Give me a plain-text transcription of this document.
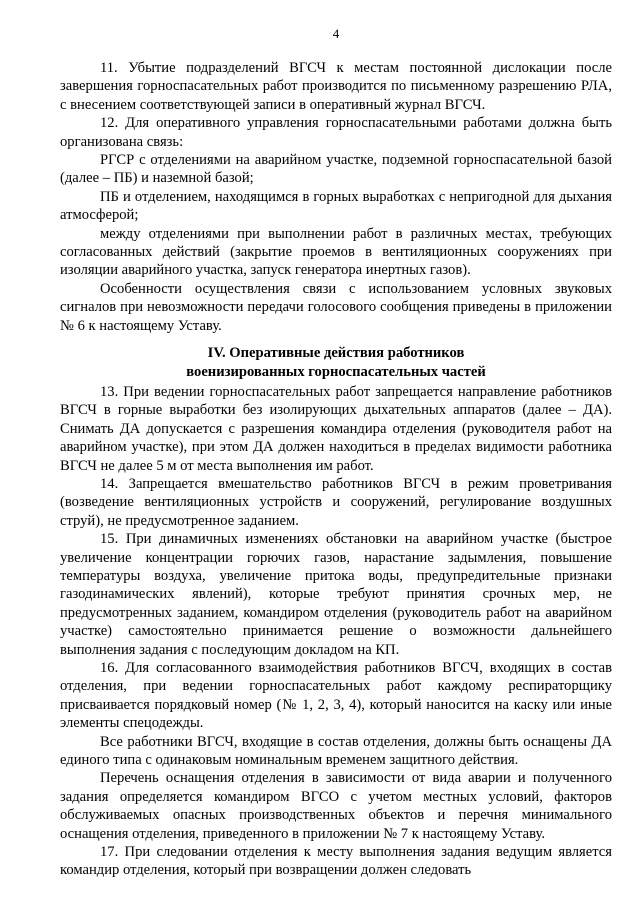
4

11. Убытие подразделений ВГСЧ к местам постоянной дислокации после завершения горноспасательных работ производится по письменному разрешению РЛА, с внесением соответствующей записи в оперативный журнал ВГСЧ.

12. Для оперативного управления горноспасательными работами должна быть организована связь:

РГСР с отделениями на аварийном участке, подземной горноспасательной базой (далее – ПБ) и наземной базой;

ПБ и отделением, находящимся в горных выработках с непригодной для дыхания атмосферой;

между отделениями при выполнении работ в различных местах, требующих согласованных действий (закрытие проемов в вентиляционных сооружениях при изоляции аварийного участка, запуск генератора инертных газов).

Особенности осуществления связи с использованием условных звуковых сигналов при невозможности передачи голосового сообщения приведены в приложении № 6 к настоящему Уставу.

IV. Оперативные действия работников
военизированных горноспасательных частей

13. При ведении горноспасательных работ запрещается направление работников ВГСЧ в горные выработки без изолирующих дыхательных аппаратов (далее – ДА). Снимать ДА допускается с разрешения командира отделения (руководителя работ на аварийном участке), при этом ДА должен находиться в пределах видимости работника ВГСЧ не далее 5 м от места выполнения им работ.

14. Запрещается вмешательство работников ВГСЧ в режим проветривания (возведение вентиляционных устройств и сооружений, регулирование воздушных струй), не предусмотренное заданием.

15. При динамичных изменениях обстановки на аварийном участке (быстрое увеличение концентрации горючих газов, нарастание задымления, повышение температуры воздуха, увеличение притока воды, предупредительные признаки газодинамических явлений), которые требуют принятия срочных мер, не предусмотренных заданием, командиром отделения (руководитель работ на аварийном участке) самостоятельно принимается решение о возможности дальнейшего выполнения задания с последующим докладом на КП.

16. Для согласованного взаимодействия работников ВГСЧ, входящих в состав отделения, при ведении горноспасательных работ каждому респираторщику присваивается порядковый номер (№ 1, 2, 3, 4), который наносится на каску или иные элементы спецодежды.

Все работники ВГСЧ, входящие в состав отделения, должны быть оснащены ДА единого типа с одинаковым номинальным временем защитного действия.

Перечень оснащения отделения в зависимости от вида аварии и полученного задания определяется командиром ВГСО с учетом местных условий, факторов обслуживаемых опасных производственных объектов и перечня минимального оснащения отделения, приведенного в приложении № 7 к настоящему Уставу.

17. При следовании отделения к месту выполнения задания ведущим является командир отделения, который при возвращении должен следовать
